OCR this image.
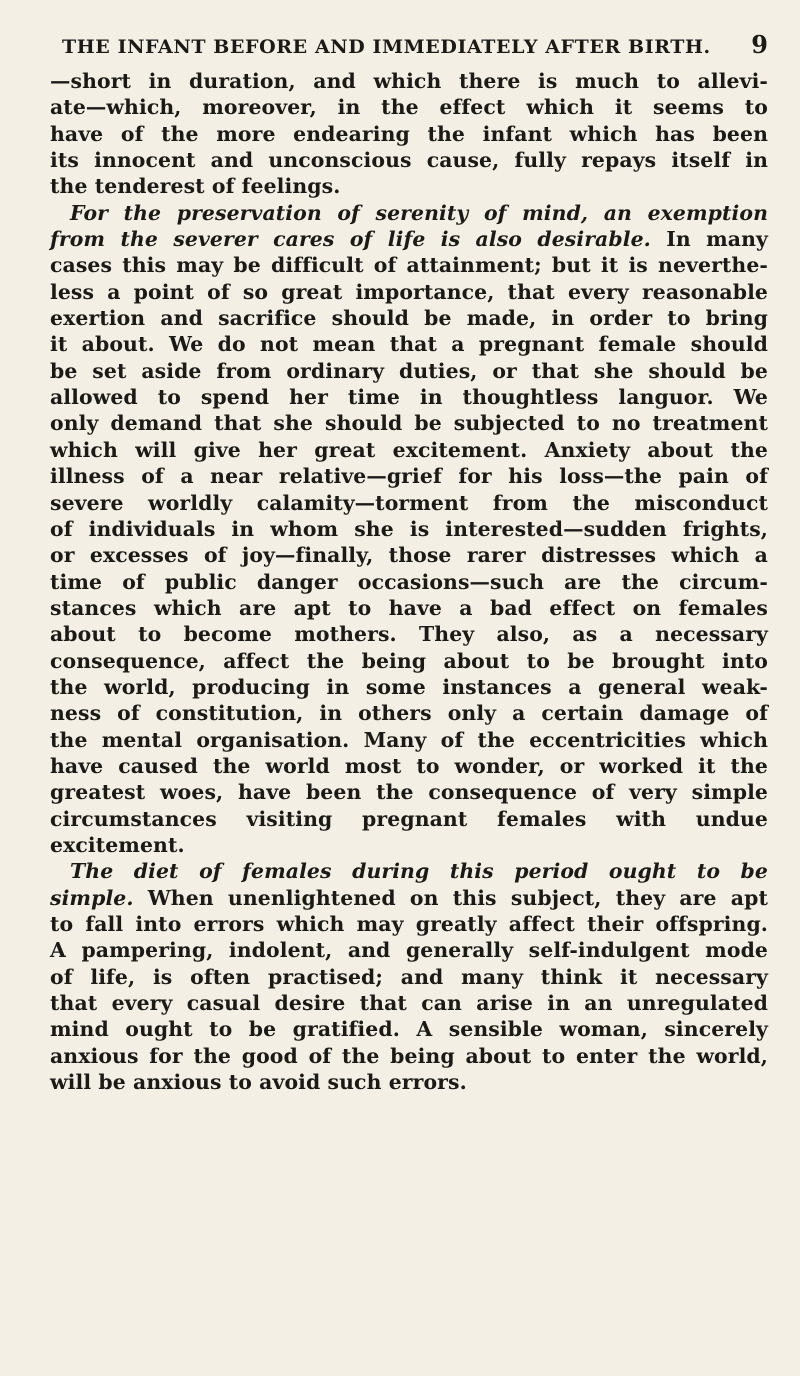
THE INFANT BEFORE AND IMMEDIATELY AFTER BIRTH. 9
—short in duration, and which there is much to allevi-
ate—which, moreover, in the effect which it seems to
have of the more endearing the infant which has been
its innocent and unconscious cause, fully repays itself in
the tenderest of feelings.
For the preservation of serenity of mind, an exemption
from the severer cares of life is also desirable. In many
cases this may be difficult of attainment; but it is neverthe-
less a point of so great importance, that every reasonable
exertion and sacrifice should be made, in order to bring
it about. We do not mean that a pregnant female should
be set aside from ordinary duties, or that she should be
allowed to spend her time in thoughtless languor. We
only demand that she should be subjected to no treatment
which will give her great excitement. Anxiety about the
illness of a near relative—grief for his loss—the pain of
severe worldly calamity—torment from the misconduct
of individuals in whom she is interested—sudden frights,
or excesses of joy—finally, those rarer distresses which a
time of public danger occasions—such are the circum-
stances which are apt to have a bad effect on females
about to become mothers. They also, as a necessary
consequence, affect the being about to be brought into
the world, producing in some instances a general weak-
ness of constitution, in others only a certain damage of
the mental organisation. Many of the eccentricities which
have caused the world most to wonder, or worked it the
greatest woes, have been the consequence of very simple
circumstances visiting pregnant females with undue
excitement.
The diet of females during this period ought to be
simple. When unenlightened on this subject, they are apt
to fall into errors which may greatly affect their offspring.
A pampering, indolent, and generally self-indulgent mode
of life, is often practised; and many think it necessary
that every casual desire that can arise in an unregulated
mind ought to be gratified. A sensible woman, sincerely
anxious for the good of the being about to enter the world,
will be anxious to avoid such errors.
